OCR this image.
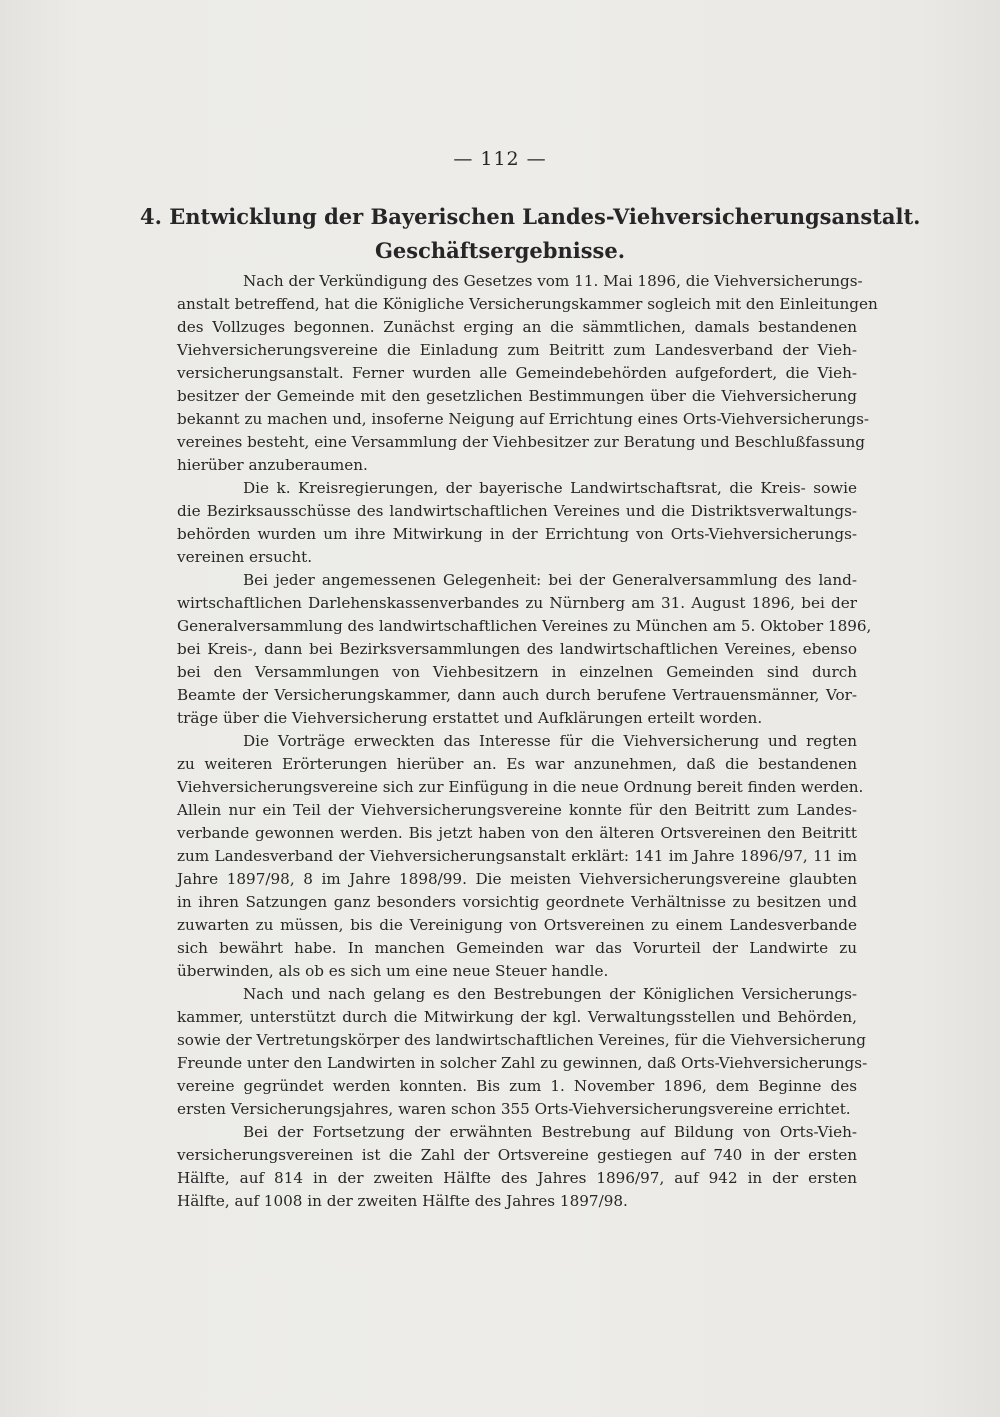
— 112 —
4. Entwicklung der Bayerischen Landes-Viehversicherungsanstalt.
Geschäftsergebnisse.
Nach der Verkündigung des Gesetzes vom 11. Mai 1896, die Viehversicherungs-
anstalt betreffend, hat die Königliche Versicherungskammer sogleich mit den Einleitungen
des Vollzuges begonnen. Zunächst erging an die sämmtlichen, damals bestandenen
Viehversicherungsvereine die Einladung zum Beitritt zum Landesverband der Vieh-
versicherungsanstalt. Ferner wurden alle Gemeindebehörden aufgefordert, die Vieh-
besitzer der Gemeinde mit den gesetzlichen Bestimmungen über die Viehversicherung
bekannt zu machen und, insoferne Neigung auf Errichtung eines Orts-Viehversicherungs-
vereines besteht, eine Versammlung der Viehbesitzer zur Beratung und Beschlußfassung
hierüber anzuberaumen.
Die k. Kreisregierungen, der bayerische Landwirtschaftsrat, die Kreis- sowie
die Bezirksausschüsse des landwirtschaftlichen Vereines und die Distriktsverwaltungs-
behörden wurden um ihre Mitwirkung in der Errichtung von Orts-Viehversicherungs-
vereinen ersucht.
Bei jeder angemessenen Gelegenheit: bei der Generalversammlung des land-
wirtschaftlichen Darlehenskassenverbandes zu Nürnberg am 31. August 1896, bei der
Generalversammlung des landwirtschaftlichen Vereines zu München am 5. Oktober 1896,
bei Kreis-, dann bei Bezirksversammlungen des landwirtschaftlichen Vereines, ebenso
bei den Versammlungen von Viehbesitzern in einzelnen Gemeinden sind durch
Beamte der Versicherungskammer, dann auch durch berufene Vertrauensmänner, Vor-
träge über die Viehversicherung erstattet und Aufklärungen erteilt worden.
Die Vorträge erweckten das Interesse für die Viehversicherung und regten
zu weiteren Erörterungen hierüber an. Es war anzunehmen, daß die bestandenen
Viehversicherungsvereine sich zur Einfügung in die neue Ordnung bereit finden werden.
Allein nur ein Teil der Viehversicherungsvereine konnte für den Beitritt zum Landes-
verbande gewonnen werden. Bis jetzt haben von den älteren Ortsvereinen den Beitritt
zum Landesverband der Viehversicherungsanstalt erklärt: 141 im Jahre 1896/97, 11 im
Jahre 1897/98, 8 im Jahre 1898/99. Die meisten Viehversicherungsvereine glaubten
in ihren Satzungen ganz besonders vorsichtig geordnete Verhältnisse zu besitzen und
zuwarten zu müssen, bis die Vereinigung von Ortsvereinen zu einem Landesverbande
sich bewährt habe. In manchen Gemeinden war das Vorurteil der Landwirte zu
überwinden, als ob es sich um eine neue Steuer handle.
Nach und nach gelang es den Bestrebungen der Königlichen Versicherungs-
kammer, unterstützt durch die Mitwirkung der kgl. Verwaltungsstellen und Behörden,
sowie der Vertretungskörper des landwirtschaftlichen Vereines, für die Viehversicherung
Freunde unter den Landwirten in solcher Zahl zu gewinnen, daß Orts-Viehversicherungs-
vereine gegründet werden konnten. Bis zum 1. November 1896, dem Beginne des
ersten Versicherungsjahres, waren schon 355 Orts-Viehversicherungsvereine errichtet.
Bei der Fortsetzung der erwähnten Bestrebung auf Bildung von Orts-Vieh-
versicherungsvereinen ist die Zahl der Ortsvereine gestiegen auf 740 in der ersten
Hälfte, auf 814 in der zweiten Hälfte des Jahres 1896/97, auf 942 in der ersten
Hälfte, auf 1008 in der zweiten Hälfte des Jahres 1897/98.
